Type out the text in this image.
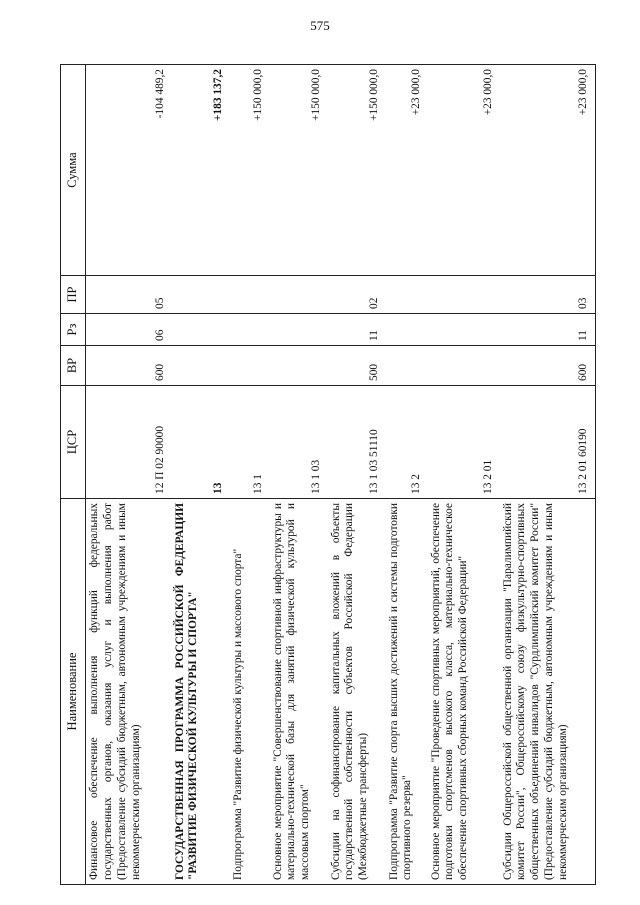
575
Наименование	ЦСР	ВР	Рз	ПР	Сумма
Финансовое обеспечение выполнения функций федеральных государственных органов, оказания услуг и выполнения работ (Предоставление субсидий бюджетным, автономным учреждениям и иным некоммерческим организациям)	12 П 02 90000	600	06	05	-104 489,2
ГОСУДАРСТВЕННАЯ ПРОГРАММА РОССИЙСКОЙ ФЕДЕРАЦИИ "РАЗВИТИЕ ФИЗИЧЕСКОЙ КУЛЬТУРЫ И СПОРТА"	13				+183 137,2
Подпрограмма "Развитие физической культуры и массового спорта"	13 1				+150 000,0
Основное мероприятие "Совершенствование спортивной инфраструктуры и материально-технической базы для занятий физической культурой и массовым спортом"	13 1 03				+150 000,0
Субсидии на софинансирование капитальных вложений в объекты государственной собственности субъектов Российской Федерации (Межбюджетные трансферты)	13 1 03 51110	500	11	02	+150 000,0
Подпрограмма "Развитие спорта высших достижений и системы подготовки спортивного резерва"	13 2				+23 000,0
Основное мероприятие "Проведение спортивных мероприятий, обеспечение подготовки спортсменов высокого класса, материально-техническое обеспечение спортивных сборных команд Российской Федерации"	13 2 01				+23 000,0
Субсидии Общероссийской общественной организации "Паралимпийский комитет России", Общероссийскому союзу физкультурно-спортивных общественных объединений инвалидов "Сурдлимпийский комитет России" (Предоставление субсидий бюджетным, автономным учреждениям и иным некоммерческим организациям)	13 2 01 60190	600	11	03	+23 000,0
